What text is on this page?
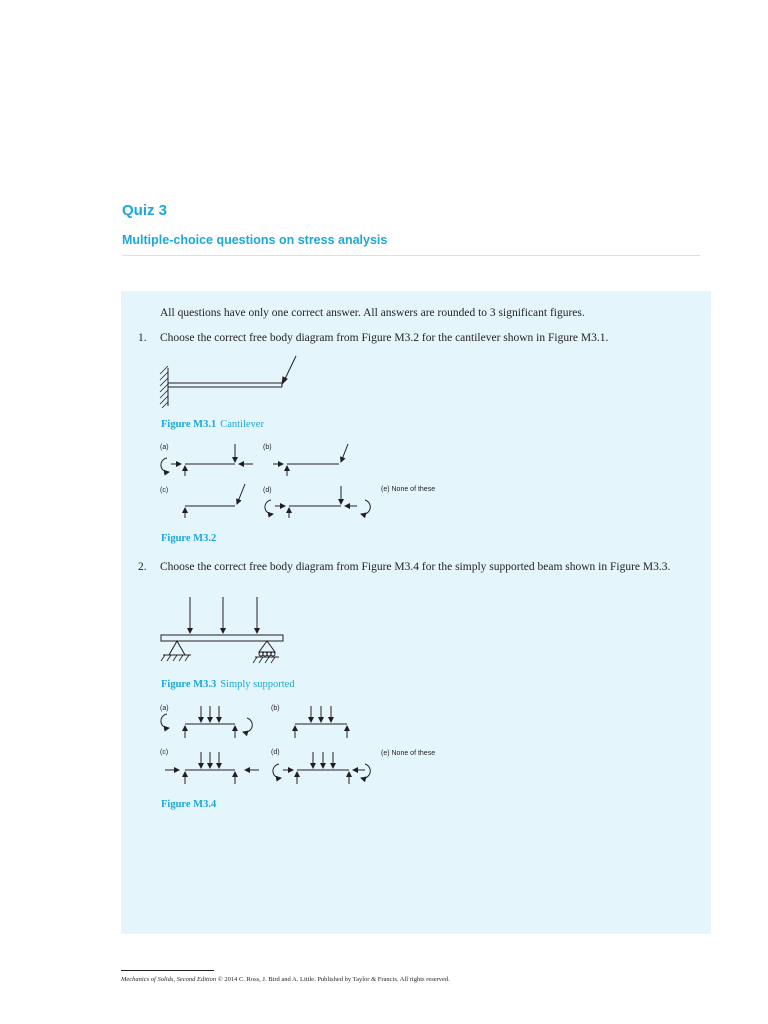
Quiz 3
Multiple-choice questions on stress analysis
All questions have only one correct answer. All answers are rounded to 3 significant figures.
1. Choose the correct free body diagram from Figure M3.2 for the cantilever shown in Figure M3.1.
Figure M3.1 Cantilever
(a)	(b)
(c)	(d)	(e) None of these
Figure M3.2
2. Choose the correct free body diagram from Figure M3.4 for the simply supported beam shown in Figure M3.3.
Figure M3.3 Simply supported
(a)	(b)
(c)	(d)	(e) None of these
Figure M3.4
Mechanics of Solids, Second Edition © 2014 C. Ross, J. Bird and A. Little. Published by Taylor & Francis. All rights reserved.
